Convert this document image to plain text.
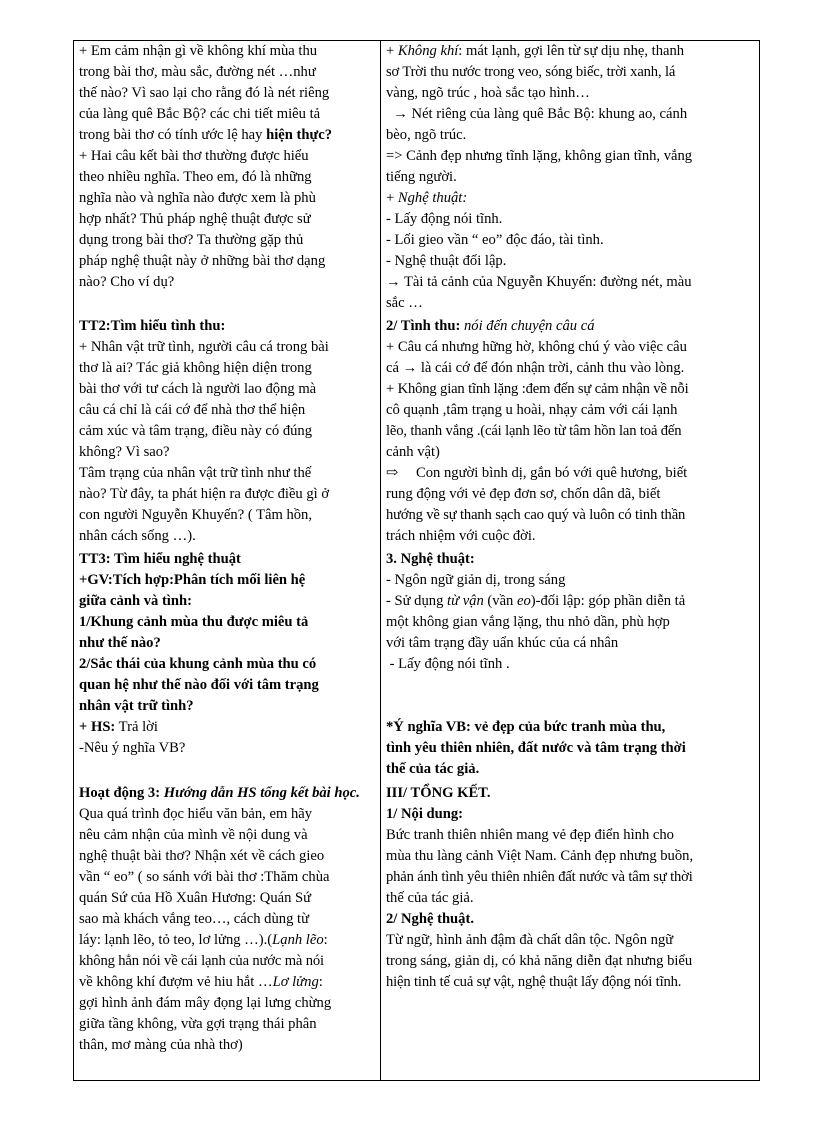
+ Em cảm nhận gì về không khí mùa thu

trong bài thơ, màu sắc, đường nét …như

thế nào? Vì sao lại cho rằng đó là nét riêng

của làng quê Bắc Bộ? các chi tiết miêu tả

trong bài thơ có tính ước lệ hay hiện thực?

+ Hai câu kết bài thơ thường được hiểu

theo nhiều nghĩa. Theo em, đó là những

nghĩa nào và nghĩa nào được xem là phù

hợp nhất? Thủ pháp nghệ thuật được sử

dụng trong bài thơ? Ta thường gặp thủ

pháp nghệ thuật này ở những bài thơ dạng

nào? Cho ví dụ?

TT2:Tìm hiểu tình thu:

+ Nhân vật trữ tình, người câu cá trong bài

thơ là ai? Tác giả không hiện diện trong

bài thơ với tư cách là người lao động mà

câu cá chỉ là cái cớ để nhà thơ thể hiện

cảm xúc và tâm trạng, điều này có đúng

không? Vì sao?

Tâm trạng của nhân vật trữ tình như thế

nào? Từ đây, ta phát hiện ra được điều gì ở

con người Nguyễn Khuyến? ( Tâm hồn,

nhân cách sống …).

TT3: Tìm hiểu nghệ thuật

+GV:Tích hợp:Phân tích mối liên hệ

giữa cảnh và tình:

1/Khung cảnh mùa thu được miêu tả

như thế nào?

2/Sắc thái của khung cảnh mùa thu có

quan hệ như thế nào đối với tâm trạng

nhân vật trữ tình?

+ HS: Trả lời

-Nêu ý nghĩa VB?

Hoạt động 3: Hướng dẫn HS tổng kết bài học.

Qua quá trình đọc hiểu văn bản, em hãy

nêu cảm nhận của mình về nội dung và

nghệ thuật bài thơ? Nhận xét về cách gieo

vần “ eo” ( so sánh với bài thơ :Thăm chùa

quán Sứ của Hồ Xuân Hương: Quán Sứ

sao mà khách vắng teo…, cách dùng từ

láy: lạnh lẽo, tỏ teo, lơ lửng …).(Lạnh lẽo:

không hẳn nói về cái lạnh của nước mà nói

về không khí đượm vẻ hiu hắt …Lơ lửng:

gợi hình ảnh đám mây đọng lại lưng chừng

giữa tầng không, vừa gợi trạng thái phân

thân, mơ màng của nhà thơ)

+ Không khí: mát lạnh, gợi lên từ sự dịu nhẹ, thanh

sơ Trời thu nước trong veo, sóng biếc, trời xanh, lá

vàng, ngõ trúc , hoà sắc tạo hình…

→ Nét riêng của làng quê Bắc Bộ: khung ao, cánh

bèo, ngõ trúc.

=> Cảnh đẹp nhưng tĩnh lặng, không gian tĩnh, vắng

tiếng người.

+ Nghệ thuật:

- Lấy động nói tĩnh.

- Lối gieo vần “ eo” độc đáo, tài tình.

- Nghệ thuật đối lập.

→ Tài tả cảnh của Nguyễn Khuyến: đường nét, màu

sắc …

2/ Tình thu: nói đến chuyện câu cá

+ Câu cá nhưng hững hờ, không chú ý vào việc câu

cá → là cái cớ để đón nhận trời, cảnh thu vào lòng.

+ Không gian tĩnh lặng :đem đến sự cảm nhận về nỗi

cô quạnh ,tâm trạng u hoài, nhạy cảm với cái lạnh

lẽo, thanh vắng .(cái lạnh lẽo từ tâm hồn lan toả đến

cảnh vật)

⇨Con người bình dị, gắn bó với quê hương, biết

rung động với vẻ đẹp đơn sơ, chốn dân dã, biết

hướng về sự thanh sạch cao quý và luôn có tinh thần

trách nhiệm với cuộc đời.

3. Nghệ thuật:

- Ngôn ngữ giản dị, trong sáng

- Sử dụng từ vận (vần eo)-đối lập: góp phần diễn tả

một không gian vắng lặng, thu nhỏ dần, phù hợp

với tâm trạng đầy uẩn khúc của cá nhân

- Lấy động nói tĩnh .

*Ý nghĩa VB: vẻ đẹp của bức tranh mùa thu,

tình yêu thiên nhiên, đất nước và tâm trạng thời

thế của tác giả.

III/ TỔNG KẾT.

1/ Nội dung:

Bức tranh thiên nhiên mang vẻ đẹp điển hình cho

mùa thu làng cảnh Việt Nam. Cảnh đẹp nhưng buồn,

phản ánh tình yêu thiên nhiên đất nước và tâm sự thời

thế của tác giả.

2/ Nghệ thuật.

Từ ngữ, hình ảnh đậm đà chất dân tộc. Ngôn ngữ

trong sáng, giản dị, có khả năng diễn đạt nhưng biểu

hiện tinh tế cuả sự vật, nghệ thuật lấy động nói tĩnh.
